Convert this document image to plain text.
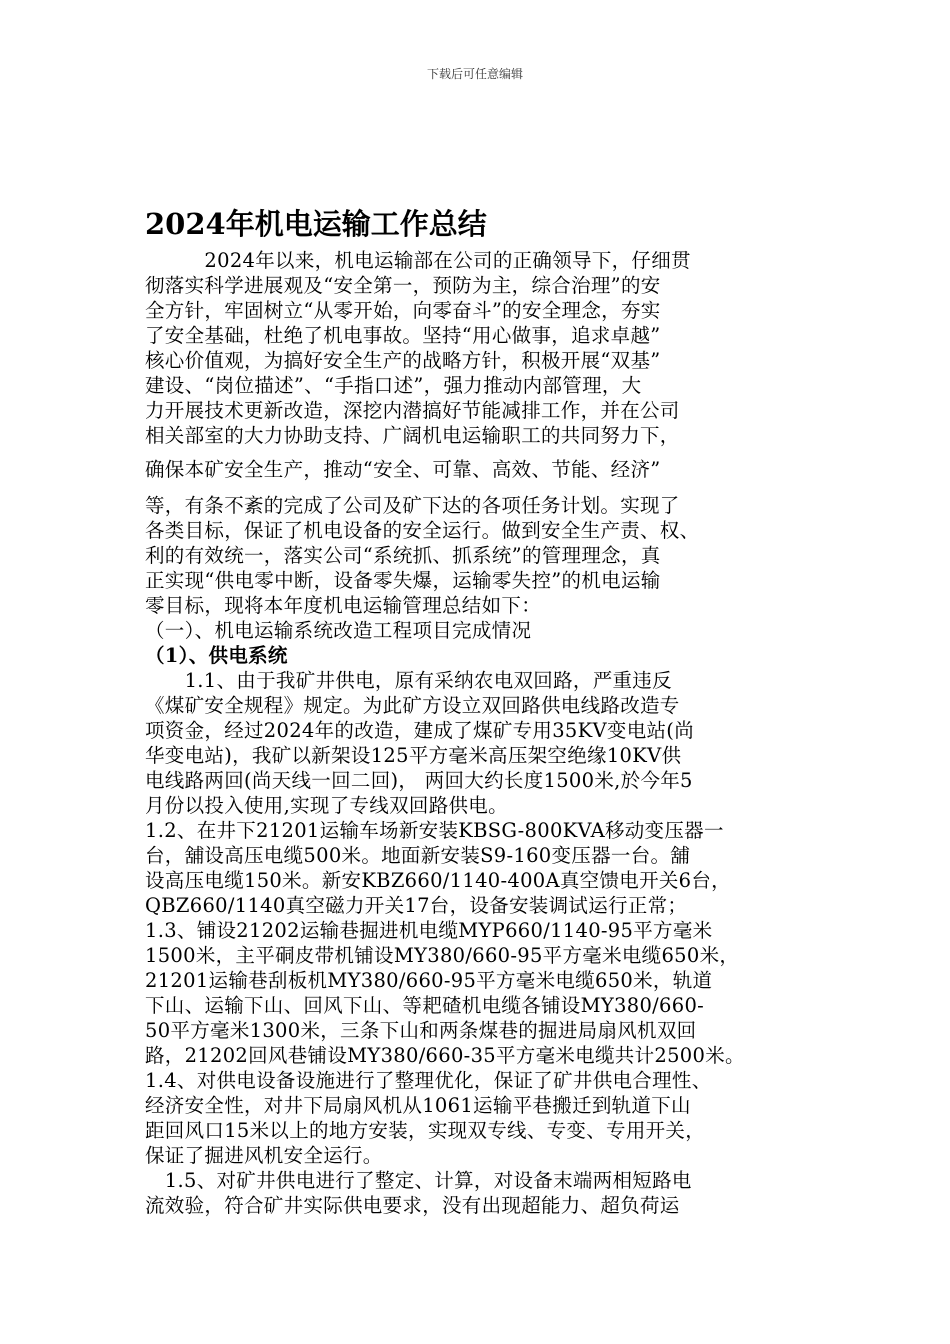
下载后可任意编辑
2024年机电运输工作总结
　　　2024年以来，机电运输部在公司的正确领导下，仔细贯
彻落实科学进展观及“安全第一，预防为主，综合治理”的安
全方针，牢固树立“从零开始，向零奋斗”的安全理念，夯实
了安全基础，杜绝了机电事故。坚持“用心做事，追求卓越”
核心价值观，为搞好安全生产的战略方针，积极开展“双基”
建设、“岗位描述”、“手指口述”，强力推动内部管理，大
力开展技术更新改造，深挖内潜搞好节能减排工作，并在公司
相关部室的大力协助支持、广阔机电运输职工的共同努力下，
确保本矿安全生产，推动“安全、可靠、高效、节能、经济”
等，有条不紊的完成了公司及矿下达的各项任务计划。实现了
各类目标，保证了机电设备的安全运行。做到安全生产责、权、
利的有效统一，落实公司“系统抓、抓系统”的管理理念，真
正实现“供电零中断，设备零失爆，运输零失控”的机电运输
零目标，现将本年度机电运输管理总结如下：
（一）、机电运输系统改造工程项目完成情况
（1）、供电系统
　　1.1、由于我矿井供电，原有采纳农电双回路，严重违反
《煤矿安全规程》规定。为此矿方设立双回路供电线路改造专
项资金，经过2024年的改造，建成了煤矿专用35KV变电站(尚
华变电站)，我矿以新架设125平方毫米高压架空绝缘10KV供
电线路两回(尚天线一回二回)， 两回大约长度1500米,於今年5
月份以投入使用,实现了专线双回路供电。
1.2、在井下21201运输车场新安装KBSG-800KVA移动变压器一
台，舖设高压电缆500米。地面新安装S9-160变压器一台。舖
设高压电缆150米。新安KBZ660/1140-400A真空馈电开关6台，
QBZ660/1140真空磁力开关17台，设备安装调试运行正常；
1.3、铺设21202运输巷掘进机电缆MYP660/1140-95平方毫米
1500米，主平硐皮带机铺设MY380/660-95平方毫米电缆650米，
21201运输巷刮板机MY380/660-95平方毫米电缆650米，轨道
下山、运输下山、回风下山、等耙碴机电缆各铺设MY380/660-
50平方毫米1300米，三条下山和两条煤巷的掘进局扇风机双回
路，21202回风巷铺设MY380/660-35平方毫米电缆共计2500米。
1.4、对供电设备设施进行了整理优化，保证了矿井供电合理性、
经济安全性，对井下局扇风机从1061运输平巷搬迁到轨道下山
距回风口15米以上的地方安装，实现双专线、专变、专用开关，
保证了掘进风机安全运行。
　1.5、对矿井供电进行了整定、计算，对设备末端两相短路电
流效验，符合矿井实际供电要求，没有出现超能力、超负荷运
